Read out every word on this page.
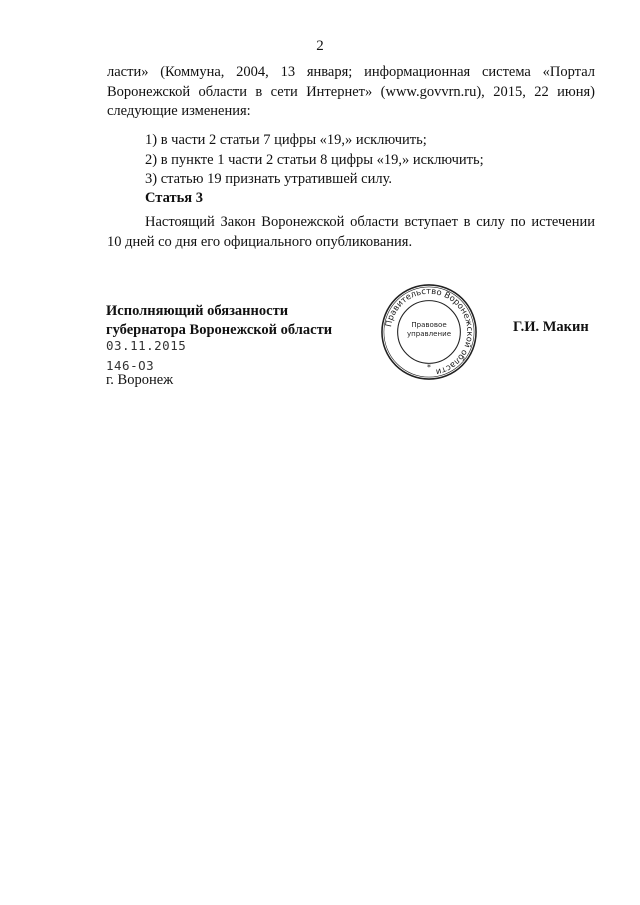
2
ласти» (Коммуна, 2004, 13 января; информационная система «Портал Воронежской области в сети Интернет» (www.govvrn.ru), 2015, 22 июня) следующие изменения:
1) в части 2 статьи 7 цифры «19,» исключить;
2) в пункте 1 части 2 статьи 8 цифры «19,» исключить;
3) статью 19 признать утратившей силу.
Статья 3
Настоящий Закон Воронежской области вступает в силу по истечении 10 дней со дня его официального опубликования.
Исполняющий обязанности
губернатора Воронежской области
03.11.2015
146-ОЗ
г. Воронеж
Г.И. Макин
Правительство Воронежской области
Правовое
управление
*
